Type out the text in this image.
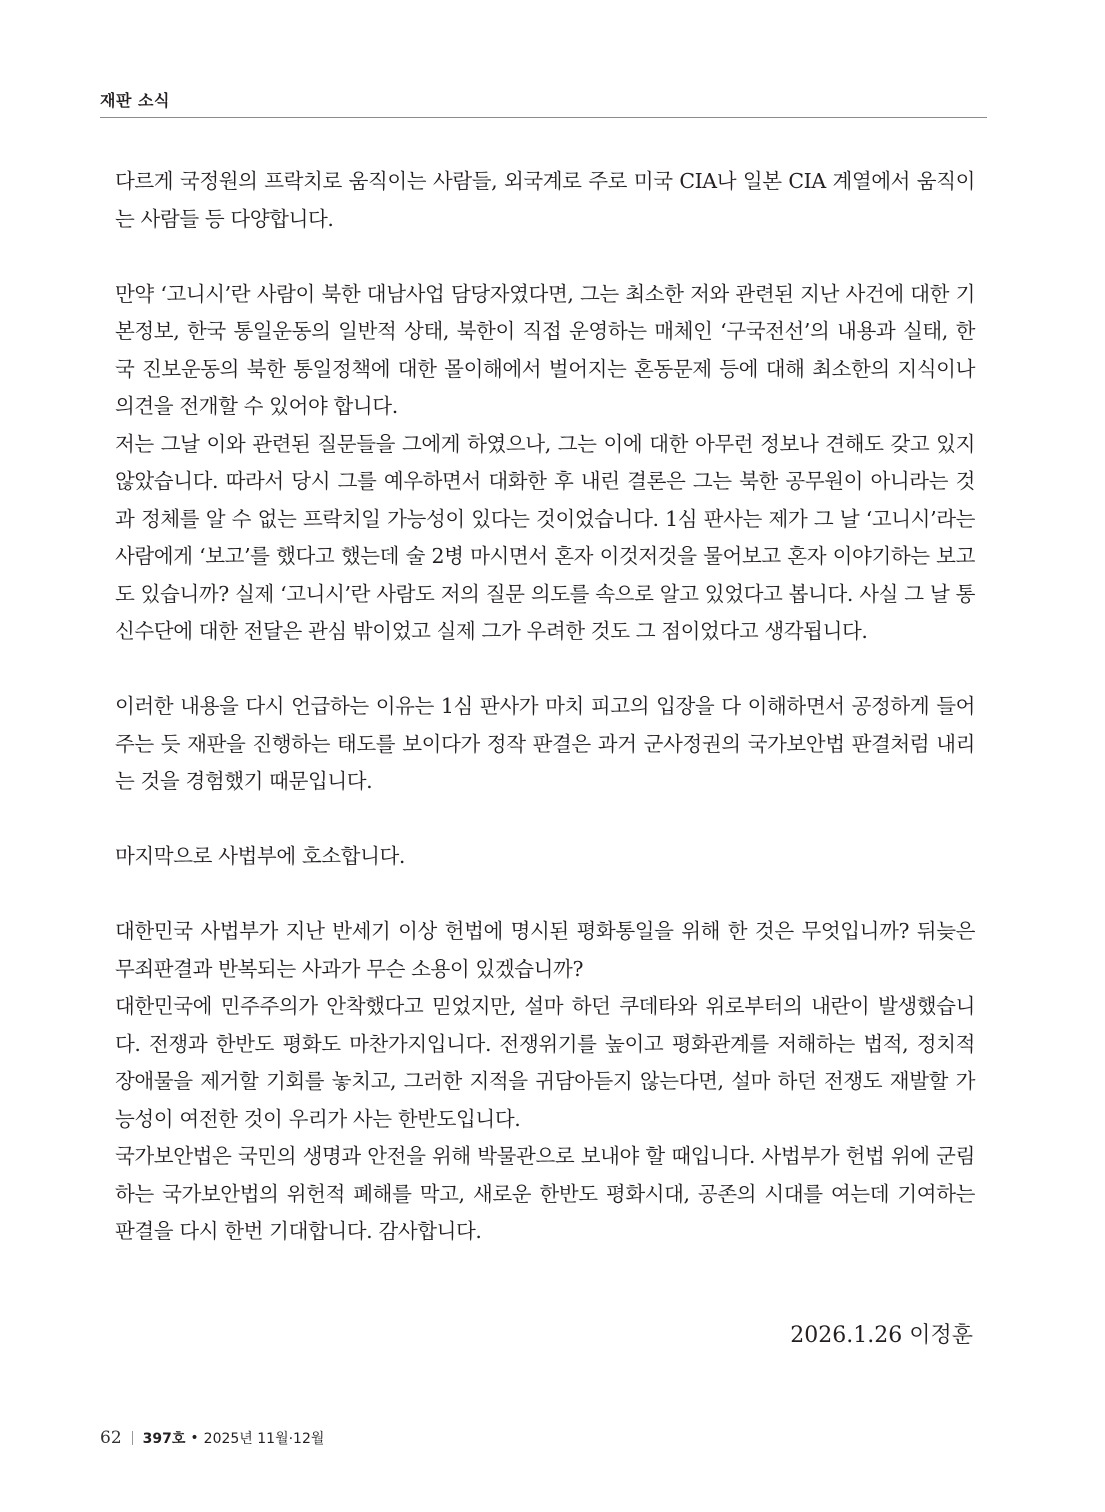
재판 소식

다르게 국정원의 프락치로 움직이는 사람들, 외국계로 주로 미국 CIA나 일본 CIA 계열에서 움직이는 사람들 등 다양합니다.

만약 ‘고니시’란 사람이 북한 대남사업 담당자였다면, 그는 최소한 저와 관련된 지난 사건에 대한 기본정보, 한국 통일운동의 일반적 상태, 북한이 직접 운영하는 매체인 ‘구국전선’의 내용과 실태, 한국 진보운동의 북한 통일정책에 대한 몰이해에서 벌어지는 혼동문제 등에 대해 최소한의 지식이나 의견을 전개할 수 있어야 합니다.

저는 그날 이와 관련된 질문들을 그에게 하였으나, 그는 이에 대한 아무런 정보나 견해도 갖고 있지 않았습니다. 따라서 당시 그를 예우하면서 대화한 후 내린 결론은 그는 북한 공무원이 아니라는 것과 정체를 알 수 없는 프락치일 가능성이 있다는 것이었습니다. 1심 판사는 제가 그 날 ‘고니시’라는 사람에게 ‘보고’를 했다고 했는데 술 2병 마시면서 혼자 이것저것을 물어보고 혼자 이야기하는 보고도 있습니까? 실제 ‘고니시’란 사람도 저의 질문 의도를 속으로 알고 있었다고 봅니다. 사실 그 날 통신수단에 대한 전달은 관심 밖이었고 실제 그가 우려한 것도 그 점이었다고 생각됩니다.

이러한 내용을 다시 언급하는 이유는 1심 판사가 마치 피고의 입장을 다 이해하면서 공정하게 들어주는 듯 재판을 진행하는 태도를 보이다가 정작 판결은 과거 군사정권의 국가보안법 판결처럼 내리는 것을 경험했기 때문입니다.

마지막으로 사법부에 호소합니다.

대한민국 사법부가 지난 반세기 이상 헌법에 명시된 평화통일을 위해 한 것은 무엇입니까? 뒤늦은 무죄판결과 반복되는 사과가 무슨 소용이 있겠습니까?

대한민국에 민주주의가 안착했다고 믿었지만, 설마 하던 쿠데타와 위로부터의 내란이 발생했습니다. 전쟁과 한반도 평화도 마찬가지입니다. 전쟁위기를 높이고 평화관계를 저해하는 법적, 정치적 장애물을 제거할 기회를 놓치고, 그러한 지적을 귀담아듣지 않는다면, 설마 하던 전쟁도 재발할 가능성이 여전한 것이 우리가 사는 한반도입니다.

국가보안법은 국민의 생명과 안전을 위해 박물관으로 보내야 할 때입니다. 사법부가 헌법 위에 군림하는 국가보안법의 위헌적 폐해를 막고, 새로운 한반도 평화시대, 공존의 시대를 여는데 기여하는 판결을 다시 한번 기대합니다. 감사합니다.

2026.1.26 이정훈
62 397호 • 2025년 11월·12월
